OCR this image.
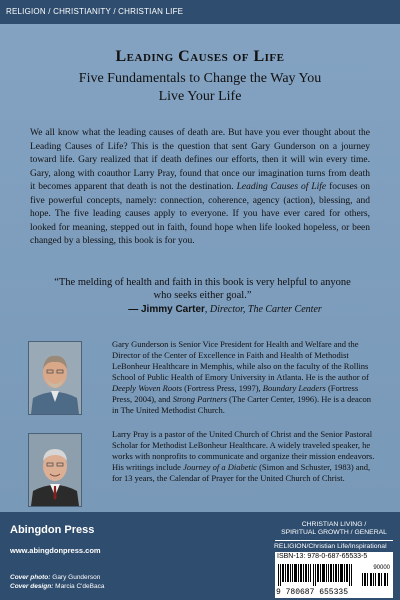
RELIGION / CHRISTIANITY / CHRISTIAN LIFE
Leading Causes of Life
Five Fundamentals to Change the Way You Live Your Life
We all know what the leading causes of death are. But have you ever thought about the Leading Causes of Life? This is the question that sent Gary Gunderson on a journey toward life. Gary realized that if death defines our efforts, then it will win every time. Gary, along with coauthor Larry Pray, found that once our imagination turns from death it becomes apparent that death is not the destination. Leading Causes of Life focuses on five powerful concepts, namely: connection, coherence, agency (action), blessing, and hope. The five leading causes apply to everyone. If you have ever cared for others, looked for meaning, stepped out in faith, found hope when life looked hopeless, or been changed by a blessing, this book is for you.
“The melding of health and faith in this book is very helpful to anyone who seeks either goal.”
— Jimmy Carter, Director, The Carter Center
Gary Gunderson is Senior Vice President for Health and Welfare and the Director of the Center of Excellence in Faith and Health of Methodist LeBonheur Healthcare in Memphis, while also on the faculty of the Rollins School of Public Health of Emory University in Atlanta. He is the author of Deeply Woven Roots (Fortress Press, 1997), Boundary Leaders (Fortress Press, 2004), and Strong Partners (The Carter Center, 1996). He is a deacon in The United Methodist Church.
Larry Pray is a pastor of the United Church of Christ and the Senior Pastoral Scholar for Methodist LeBonheur Healthcare. A widely traveled speaker, he works with nonprofits to communicate and organize their mission endeavors. His writings include Journey of a Diabetic (Simon and Schuster, 1983) and, for 13 years, the Calendar of Prayer for the United Church of Christ.
Abingdon Press
www.abingdonpress.com
Cover photo: Gary Gunderson
Cover design: Marcia C'deBaca
CHRISTIAN LIVING /
SPIRITUAL GROWTH / GENERAL
RELIGION/Christian Life/Inspirational
ISBN-13: 978-0-687-65533-5
90000
9 780687 655335
